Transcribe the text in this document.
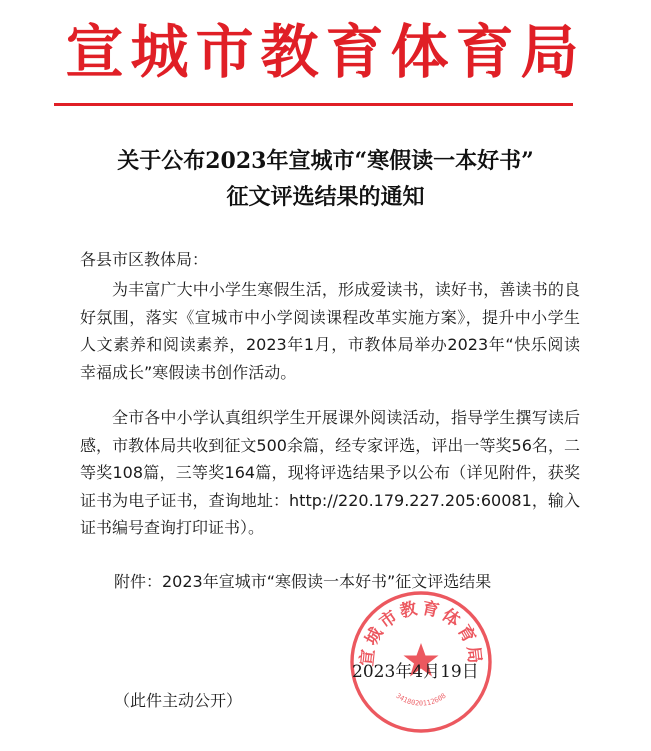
宣城市教育体育局
关于公布2023年宣城市“寒假读一本好书”
征文评选结果的通知
各县市区教体局：
为丰富广大中小学生寒假生活，形成爱读书，读好书，善读书的良好氛围，落实《宣城市中小学阅读课程改革实施方案》，提升中小学生人文素养和阅读素养，2023年1月，市教体局举办2023年“快乐阅读 幸福成长”寒假读书创作活动。
全市各中小学认真组织学生开展课外阅读活动，指导学生撰写读后感，市教体局共收到征文500余篇，经专家评选，评出一等奖56名，二等奖108篇，三等奖164篇，现将评选结果予以公布（详见附件，获奖证书为电子证书，查询地址：http://220.179.227.205:60081，输入证书编号查询打印证书）。
附件：2023年宣城市“寒假读一本好书”征文评选结果
宣城市教育体育局
3418020112608
2023年4月19日
（此件主动公开）
